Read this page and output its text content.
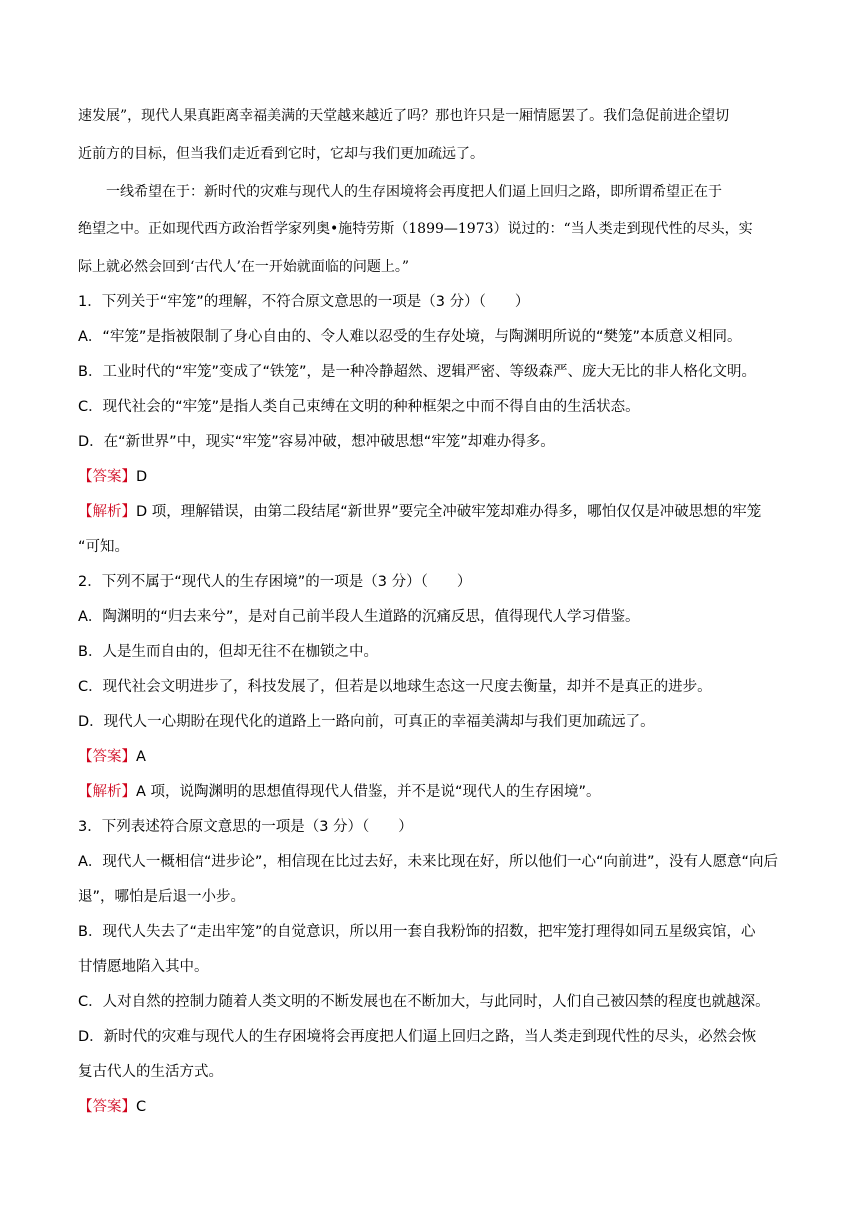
速发展”，现代人果真距离幸福美满的天堂越来越近了吗？那也许只是一厢情愿罢了。我们急促前进企望切
近前方的目标，但当我们走近看到它时，它却与我们更加疏远了。
　　一线希望在于：新时代的灾难与现代人的生存困境将会再度把人们逼上回归之路，即所谓希望正在于
绝望之中。正如现代西方政治哲学家列奥•施特劳斯（1899—1973）说过的：“当人类走到现代性的尽头，实
际上就必然会回到‘古代人’在一开始就面临的问题上。”
1．下列关于“牢笼”的理解，不符合原文意思的一项是（3 分）（　　）
A．“牢笼”是指被限制了身心自由的、令人难以忍受的生存处境，与陶渊明所说的“樊笼”本质意义相同。
B．工业时代的“牢笼”变成了“铁笼”，是一种冷静超然、逻辑严密、等级森严、庞大无比的非人格化文明。
C．现代社会的“牢笼”是指人类自己束缚在文明的种种框架之中而不得自由的生活状态。
D．在“新世界”中，现实“牢笼”容易冲破，想冲破思想“牢笼”却难办得多。
【答案】D
【解析】D 项，理解错误，由第二段结尾“新世界”要完全冲破牢笼却难办得多，哪怕仅仅是冲破思想的牢笼
“可知。
2．下列不属于“现代人的生存困境”的一项是（3 分）（　　）
A．陶渊明的“归去来兮”，是对自己前半段人生道路的沉痛反思，值得现代人学习借鉴。
B．人是生而自由的，但却无往不在枷锁之中。
C．现代社会文明进步了，科技发展了，但若是以地球生态这一尺度去衡量，却并不是真正的进步。
D．现代人一心期盼在现代化的道路上一路向前，可真正的幸福美满却与我们更加疏远了。
【答案】A
【解析】A 项，说陶渊明的思想值得现代人借鉴，并不是说“现代人的生存困境”。
3．下列表述符合原文意思的一项是（3 分）（　　）
A．现代人一概相信“进步论”，相信现在比过去好，未来比现在好，所以他们一心“向前进”，没有人愿意“向后
退”，哪怕是后退一小步。
B．现代人失去了“走出牢笼”的自觉意识，所以用一套自我粉饰的招数，把牢笼打理得如同五星级宾馆，心
甘情愿地陷入其中。
C．人对自然的控制力随着人类文明的不断发展也在不断加大，与此同时，人们自己被囚禁的程度也就越深。
D．新时代的灾难与现代人的生存困境将会再度把人们逼上回归之路，当人类走到现代性的尽头，必然会恢
复古代人的生活方式。
【答案】C
